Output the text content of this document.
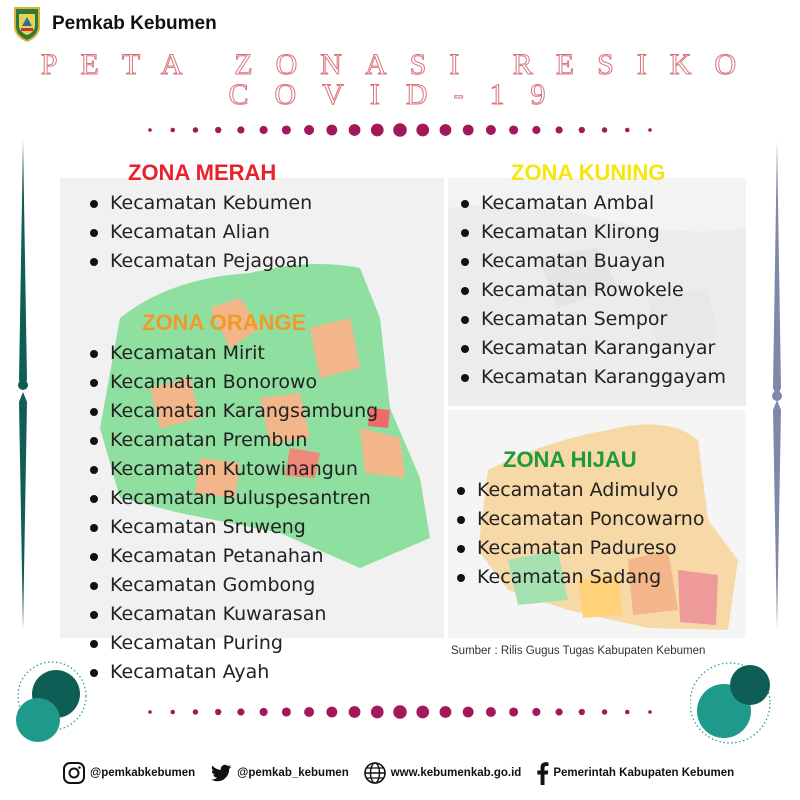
Pemkab Kebumen
PETA ZONASI RESIKO
COVID-19
ZONA MERAH
Kecamatan Kebumen
Kecamatan Alian
Kecamatan Pejagoan
ZONA KUNING
Kecamatan Ambal
Kecamatan Klirong
Kecamatan Buayan
Kecamatan Rowokele
Kecamatan Sempor
Kecamatan Karanganyar
Kecamatan Karanggayam
ZONA ORANGE
Kecamatan Mirit
Kecamatan Bonorowo
Kecamatan Karangsambung
Kecamatan Prembun
Kecamatan Kutowinangun
Kecamatan Buluspesantren
Kecamatan Sruweng
Kecamatan Petanahan
Kecamatan Gombong
Kecamatan Kuwarasan
Kecamatan Puring
Kecamatan Ayah
ZONA HIJAU
Kecamatan Adimulyo
Kecamatan Poncowarno
Kecamatan Padureso
Kecamatan Sadang
Sumber : Rilis Gugus Tugas Kabupaten Kebumen
@pemkabkebumen	@pemkab_kebumen	www.kebumenkab.go.id	Pemerintah Kabupaten Kebumen
